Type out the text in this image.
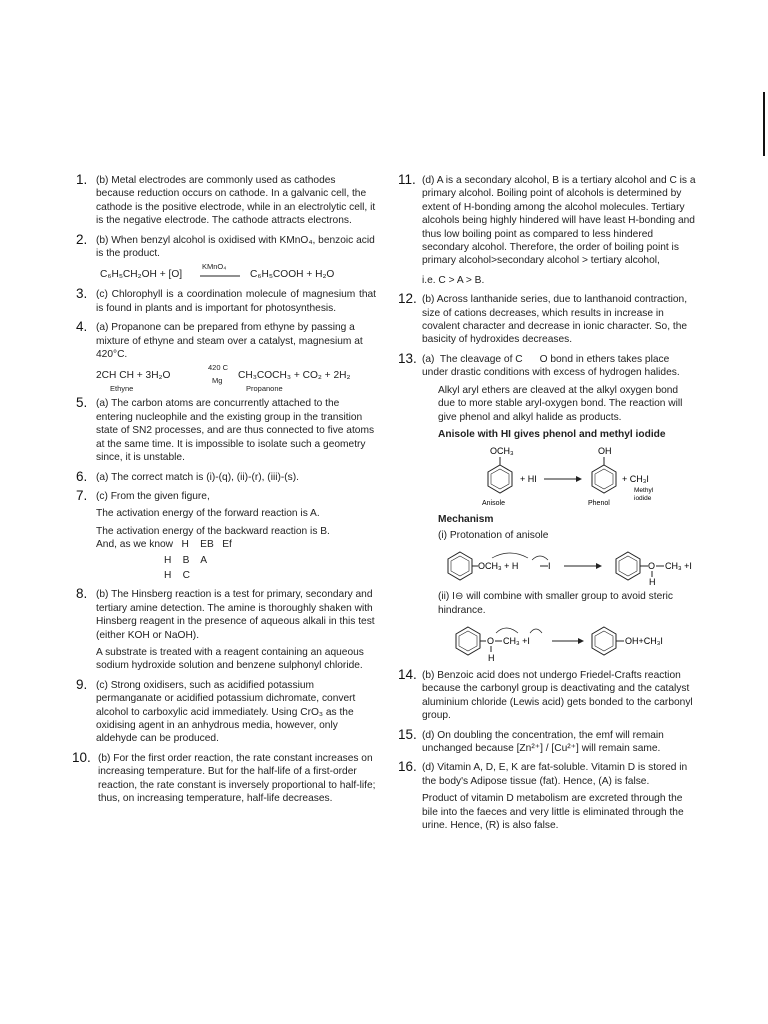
1. (b) Metal electrodes are commonly used as cathodes because reduction occurs on cathode. In a galvanic cell, the cathode is the positive electrode, while in an electrolytic cell, it is the negative electrode. The cathode attracts electrons.

2. (b) When benzyl alcohol is oxidised with KMnO₄, benzoic acid is the product.

C₆H₅CH₂OH + [O]
KMnO₄
C₆H₅COOH + H₂O
3. (c) Chlorophyll is a coordination molecule of magnesium that is found in plants and is important for photosynthesis.

4. (a) Propanone can be prepared from ethyne by passing a mixture of ethyne and steam over a catalyst, magnesium at 420°C.

2CH CH + 3H₂O
420 C
Mg CH₃COCH₃ + CO₂ + 2H₂
Ethyne	Propanone
5. (a) The carbon atoms are concurrently attached to the entering nucleophile and the existing group in the transition state of SN2 processes, and are thus connected to five atoms at the same time. It is impossible to isolate such a geometry since, it is unstable.

6. (a) The correct match is (i)-(q), (ii)-(r), (iii)-(s).

7. (c) From the given figure,

The activation energy of the forward reaction is A.

The activation energy of the backward reaction is B.

And, as we know   H    EB   Ef

H    B    A

H    C

8. (b) The Hinsberg reaction is a test for primary, secondary and tertiary amine detection. The amine is thoroughly shaken with Hinsberg reagent in the presence of aqueous alkali in this test (either KOH or NaOH).

A substrate is treated with a reagent containing an aqueous sodium hydroxide solution and benzene sulphonyl chloride.

9. (c) Strong oxidisers, such as acidified potassium permanganate or acidified potassium dichromate, convert alcohol to carboxylic acid immediately. Using CrO₃ as the oxidising agent in an anhydrous media, however, only aldehyde can be produced.

10. (b) For the first order reaction, the rate constant increases on increasing temperature. But for the half-life of a first-order reaction, the rate constant is inversely proportional to half-life; thus, on increasing temperature, half-life decreases.

11. (d) A is a secondary alcohol, B is a tertiary alcohol and C is a primary alcohol. Boiling point of alcohols is determined by extent of H-bonding among the alcohol molecules. Tertiary alcohols being highly hindered will have least H-bonding and thus low boiling point as compared to less hindered secondary alcohol. Therefore, the order of boiling point is primary alcohol>secondary alcohol > tertiary alcohol,

i.e. C > A > B.

12. (b) Across lanthanide series, due to lanthanoid contraction, size of cations decreases, which results in increase in covalent character and decrease in ionic character. So, the basicity of hydroxides decreases.

13. (a)  The cleavage of C      O bond in ethers takes place under drastic conditions with excess of hydrogen halides.

Alkyl aryl ethers are cleaved at the alkyl oxygen bond due to more stable aryl-oxygen bond. The reaction will give phenol and alkyl halide as products.

Anisole with HI gives phenol and methyl iodide

OCH₃
+ HI
OH
+ CH₃I
Anisole	Phenol
Methyl
iodide

Mechanism

(i) Protonation of anisole

OCH₃ + H	I	O CH₃ +I
H

(ii) I⊖ will combine with smaller group to avoid steric hindrance.

O CH₃ +I
H
OH+CH₃I
14. (b) Benzoic acid does not undergo Friedel-Crafts reaction because the carbonyl group is deactivating and the catalyst aluminium chloride (Lewis acid) gets bonded to the carbonyl group.

15. (d) On doubling the concentration, the emf will remain unchanged because [Zn²⁺] / [Cu²⁺] will remain same.

16. (d) Vitamin A, D, E, K are fat-soluble. Vitamin D is stored in the body's Adipose tissue (fat). Hence, (A) is false.

Product of vitamin D metabolism are excreted through the bile into the faeces and very little is eliminated through the urine. Hence, (R) is also false.
